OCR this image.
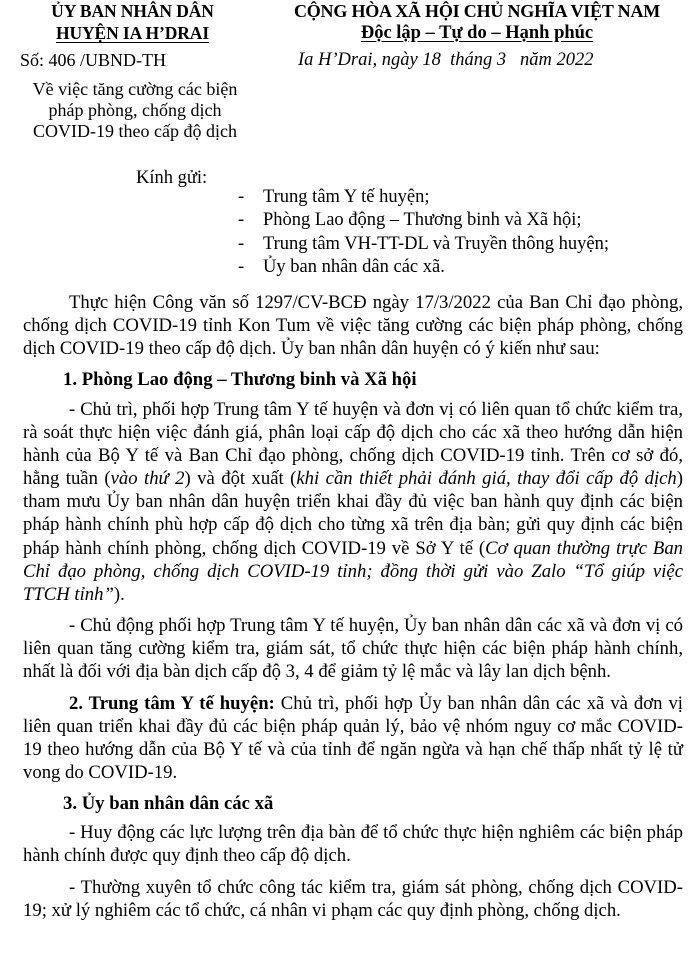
ỦY BAN NHÂN DÂN
HUYỆN IA H’DRAI
CỘNG HÒA XÃ HỘI CHỦ NGHĨA VIỆT NAM
Độc lập – Tự do – Hạnh phúc
Số: 406 /UBND-TH	Ia H’Drai, ngày 18  tháng 3   năm 2022
Về việc tăng cường các biện pháp phòng, chống dịch COVID-19 theo cấp độ dịch
Kính gửi:
- Trung tâm Y tế huyện;
- Phòng Lao động – Thương binh và Xã hội;
- Trung tâm VH-TT-DL và Truyền thông huyện;
- Ủy ban nhân dân các xã.

Thực hiện Công văn số 1297/CV-BCĐ ngày 17/3/2022 của Ban Chỉ đạo phòng, chống dịch COVID-19 tỉnh Kon Tum về việc tăng cường các biện pháp phòng, chống dịch COVID-19 theo cấp độ dịch. Ủy ban nhân dân huyện có ý kiến như sau:

1. Phòng Lao động – Thương binh và Xã hội

- Chủ trì, phối hợp Trung tâm Y tế huyện và đơn vị có liên quan tổ chức kiểm tra, rà soát thực hiện việc đánh giá, phân loại cấp độ dịch cho các xã theo hướng dẫn hiện hành của Bộ Y tế và Ban Chỉ đạo phòng, chống dịch COVID-19 tỉnh. Trên cơ sở đó, hằng tuần (vào thứ 2) và đột xuất (khi cần thiết phải đánh giá, thay đổi cấp độ dịch) tham mưu Ủy ban nhân dân huyện triển khai đầy đủ việc ban hành quy định các biện pháp hành chính phù hợp cấp độ dịch cho từng xã trên địa bàn; gửi quy định các biện pháp hành chính phòng, chống dịch COVID-19 về Sở Y tế (Cơ quan thường trực Ban Chỉ đạo phòng, chống dịch COVID-19 tỉnh; đồng thời gửi vào Zalo “Tổ giúp việc TTCH tỉnh”).

- Chủ động phối hợp Trung tâm Y tế huyện, Ủy ban nhân dân các xã và đơn vị có liên quan tăng cường kiểm tra, giám sát, tổ chức thực hiện các biện pháp hành chính, nhất là đối với địa bàn dịch cấp độ 3, 4 để giảm tỷ lệ mắc và lây lan dịch bệnh.

2. Trung tâm Y tế huyện: Chủ trì, phối hợp Ủy ban nhân dân các xã và đơn vị liên quan triển khai đầy đủ các biện pháp quản lý, bảo vệ nhóm nguy cơ mắc COVID-19 theo hướng dẫn của Bộ Y tế và của tỉnh để ngăn ngừa và hạn chế thấp nhất tỷ lệ tử vong do COVID-19.

3. Ủy ban nhân dân các xã

- Huy động các lực lượng trên địa bàn để tổ chức thực hiện nghiêm các biện pháp hành chính được quy định theo cấp độ dịch.

- Thường xuyên tổ chức công tác kiểm tra, giám sát phòng, chống dịch COVID-19; xử lý nghiêm các tổ chức, cá nhân vi phạm các quy định phòng, chống dịch.
